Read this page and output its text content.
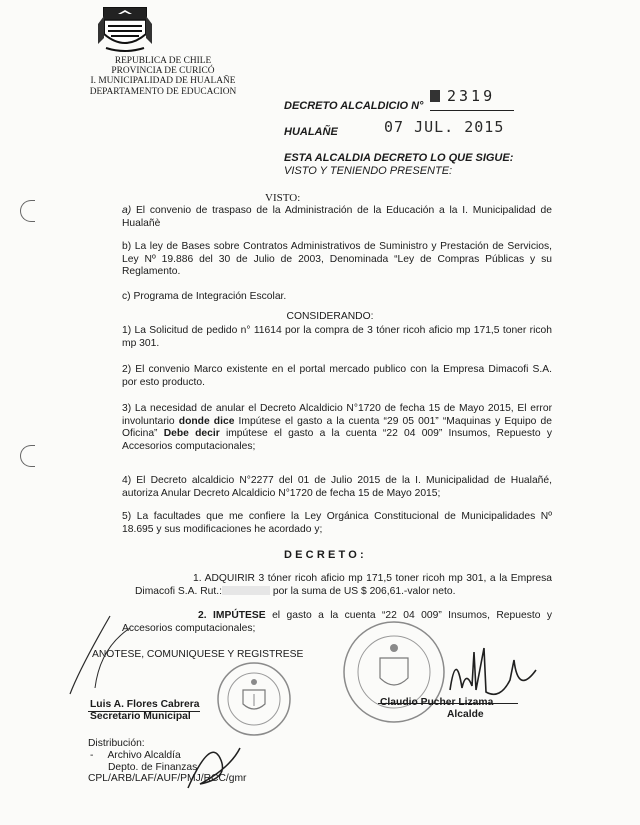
REPUBLICA DE CHILE
PROVINCIA DE CURICÓ
I. MUNICIPALIDAD DE HUALAÑE
DEPARTAMENTO DE EDUCACION
DECRETO ALCALDICIO N°
2319
HUALAÑE	07 JUL. 2015
ESTA ALCALDIA DECRETO LO QUE SIGUE:
VISTO Y TENIENDO PRESENTE:
VISTO:
a) El convenio de traspaso de la Administración de la Educación a la I. Municipalidad de Hualañè
b) La ley de Bases sobre Contratos Administrativos de Suministro y Prestación de Servicios, Ley Nº 19.886 del 30 de Julio de 2003, Denominada “Ley de Compras Públicas y su Reglamento.
c) Programa de Integración Escolar.
CONSIDERANDO:
1) La Solicitud de pedido n° 11614 por la compra de 3 tóner ricoh aficio mp 171,5 toner ricoh mp 301.
2) El convenio Marco existente en el portal mercado publico con la Empresa Dimacofi S.A. por esto producto.
3) La necesidad de anular el Decreto Alcaldicio N°1720 de fecha 15 de Mayo 2015, El error involuntario donde dice Impútese el gasto a la cuenta “29 05 001” “Maquinas y Equipo de Oficina” Debe decir impútese el gasto a la cuenta “22 04 009” Insumos, Repuesto y Accesorios computacionales;
4) El Decreto alcaldicio N°2277 del 01 de Julio 2015 de la I. Municipalidad de Hualañé, autoriza Anular Decreto Alcaldicio N°1720 de fecha 15 de Mayo 2015;
5) La facultades que me confiere la Ley Orgánica Constitucional de Municipalidades Nº 18.695 y sus modificaciones he acordado y;
DECRETO:
1. ADQUIRIR 3 tóner ricoh aficio mp 171,5 toner ricoh mp 301, a la Empresa Dimacofi S.A. Rut.:	por la suma de US $ 206,61.-valor neto.
2. IMPÚTESE el gasto a la cuenta “22 04 009” Insumos, Repuesto y Accesorios computacionales;
ANOTESE, COMUNIQUESE Y REGISTRESE
Luis A. Flores Cabrera
Secretario Municipal
Claudio Pucher Lizama
Alcalde
Distribución:
- Archivo Alcaldía
Depto. de Finanzas
CPL/ARB/LAF/AUF/PMJ/RCC/gmr
